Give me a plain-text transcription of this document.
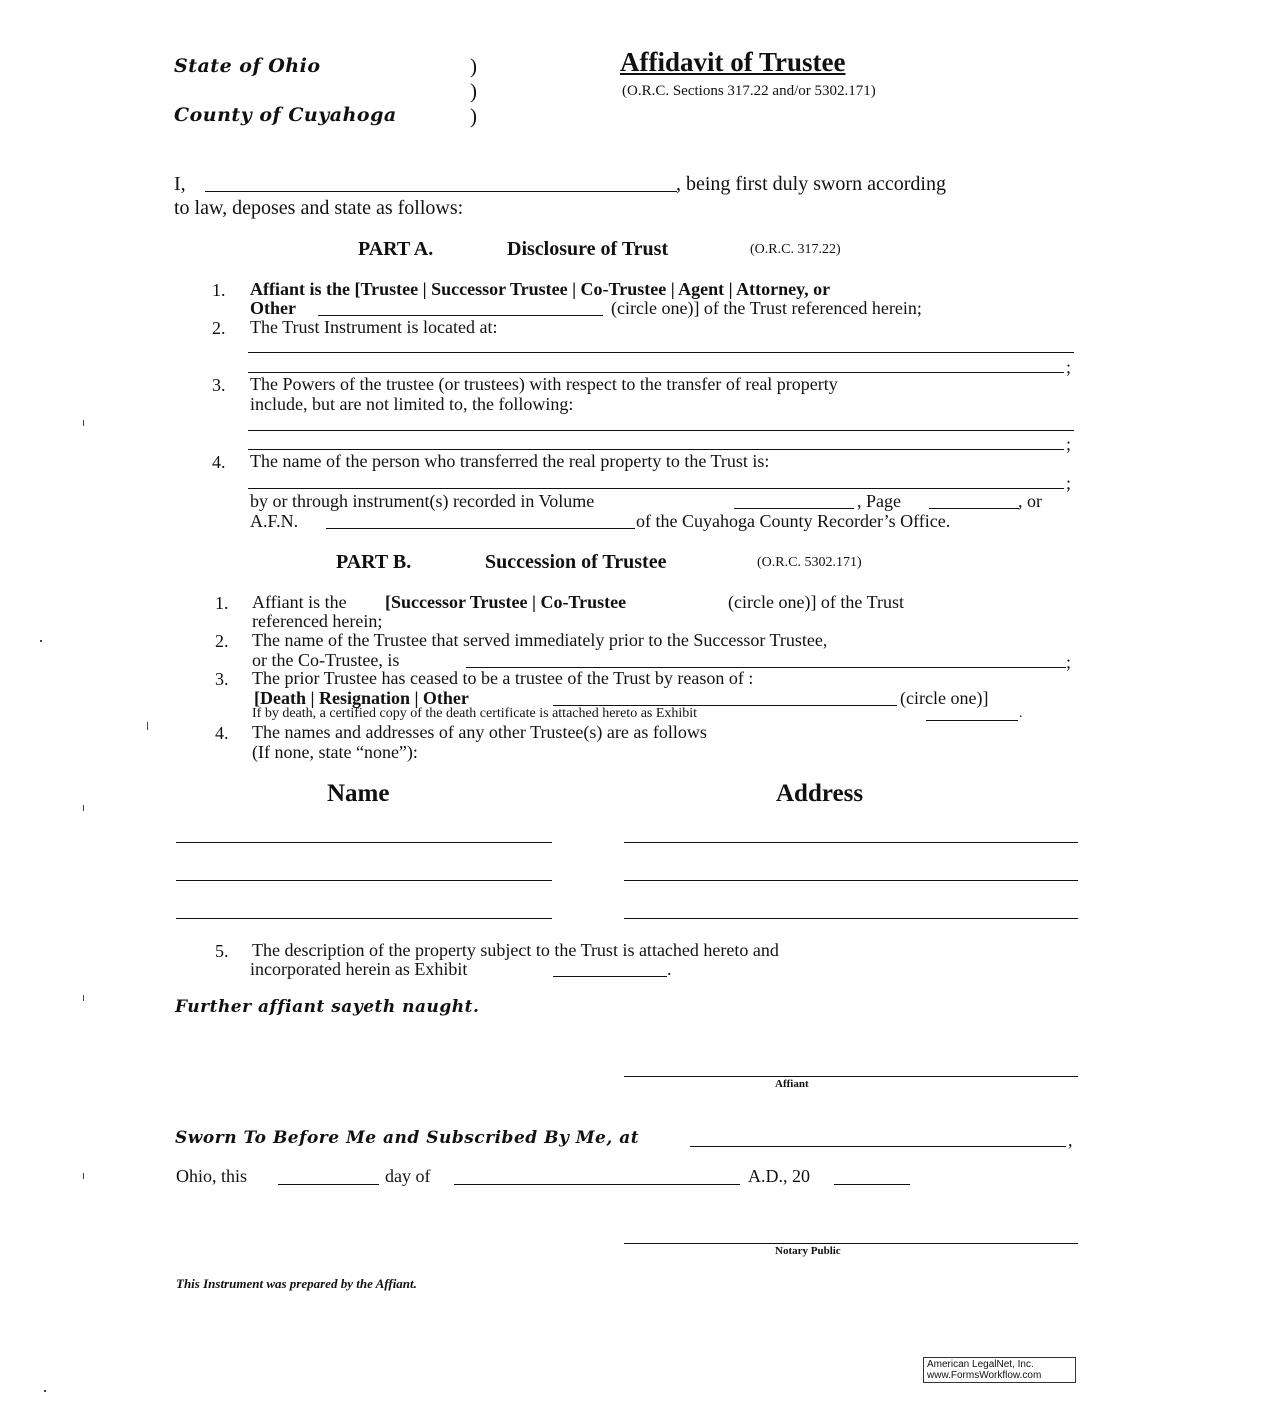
State of Ohio
County of Cuyahoga
)
)
)
Affidavit of Trustee
(O.R.C. Sections 317.22 and/or 5302.171)
I,	, being first duly sworn according
to law, deposes and state as follows:
PART A.	Disclosure of Trust	(O.R.C. 317.22)
1. Affiant is the [Trustee | Successor Trustee | Co-Trustee | Agent | Attorney, or
Other	(circle one)] of the Trust referenced herein;
2. The Trust Instrument is located at:
;
3. The Powers of the trustee (or trustees) with respect to the transfer of real property
include, but are not limited to, the following:
;
4. The name of the person who transferred the real property to the Trust is:
;
by or through instrument(s) recorded in Volume	, Page	, or
A.F.N.	of the Cuyahoga County Recorder’s Office.
PART B.	Succession of Trustee	(O.R.C. 5302.171)
1. Affiant is the [Successor Trustee | Co-Trustee	(circle one)] of the Trust
referenced herein;
2. The name of the Trustee that served immediately prior to the Successor Trustee,
or the Co-Trustee, is	;
3. The prior Trustee has ceased to be a trustee of the Trust by reason of :
[Death | Resignation | Other	(circle one)]
If by death, a certified copy of the death certificate is attached hereto as Exhibit	.
4. The names and addresses of any other Trustee(s) are as follows
(If none, state “none”):
Name	Address
5. The description of the property subject to the Trust is attached hereto and
incorporated herein as Exhibit	.
Further affiant sayeth naught.
Affiant
Sworn To Before Me and Subscribed By Me, at	,
Ohio, this	day of	A.D., 20
Notary Public
This Instrument was prepared by the Affiant.
American LegalNet, Inc.
www.FormsWorkflow.com
